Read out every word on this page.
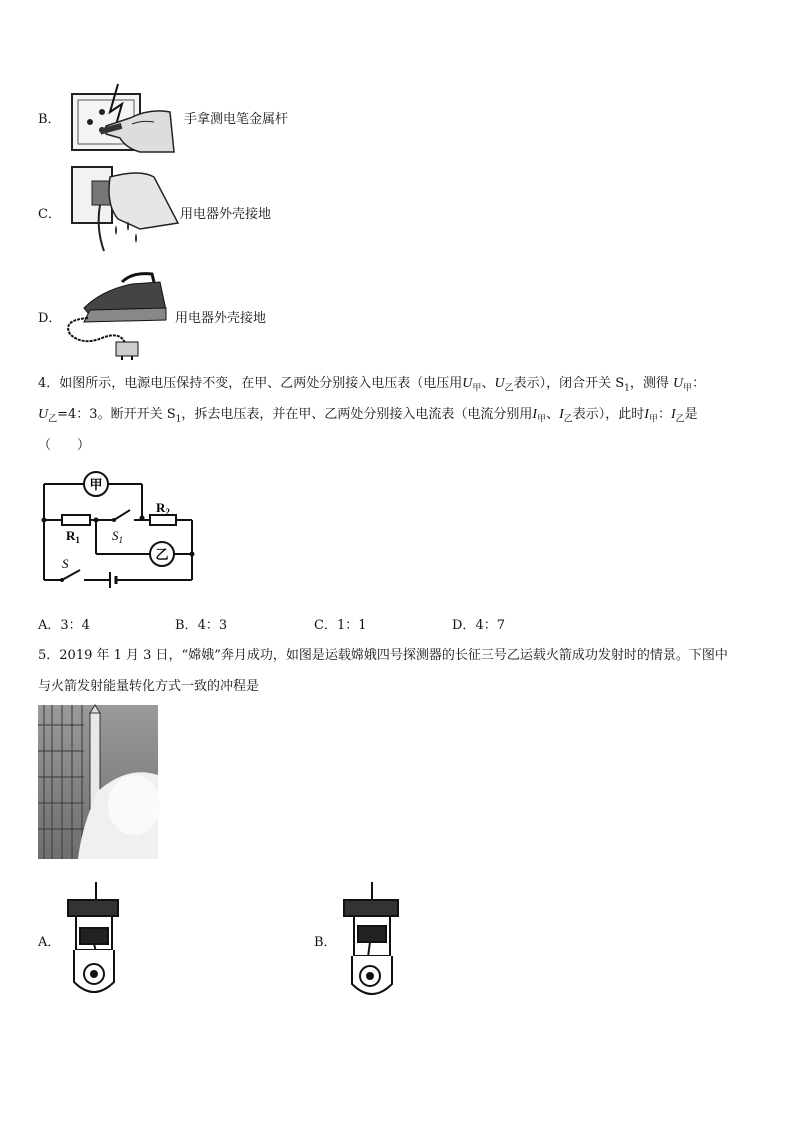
B．	手拿测电笔金属杆
C．	用电器外壳接地
D．	用电器外壳接地
4．如图所示，电源电压保持不变，在甲、乙两处分别接入电压表（电压用$U_甲$、$U_乙$表示），闭合开关 $S_1$，测得 $U_甲$：
$U_乙=4$：3。断开开关 $S_1$，拆去电压表，并在甲、乙两处分别接入电流表（电流分别用$I_甲$、$I_乙$表示），此时$I_甲$：$I_乙$是
（　　）
甲
乙
$R_1$
$R_2$
$S_1$
S
A．3：4	B．4：3	C．1：1	D．4：7
5．2019 年 1 月 3 日，“嫦娥”奔月成功，如图是运载嫦娥四号探测器的长征三号乙运载火箭成功发射时的情景。下图中
与火箭发射能量转化方式一致的冲程是
A．	B．
